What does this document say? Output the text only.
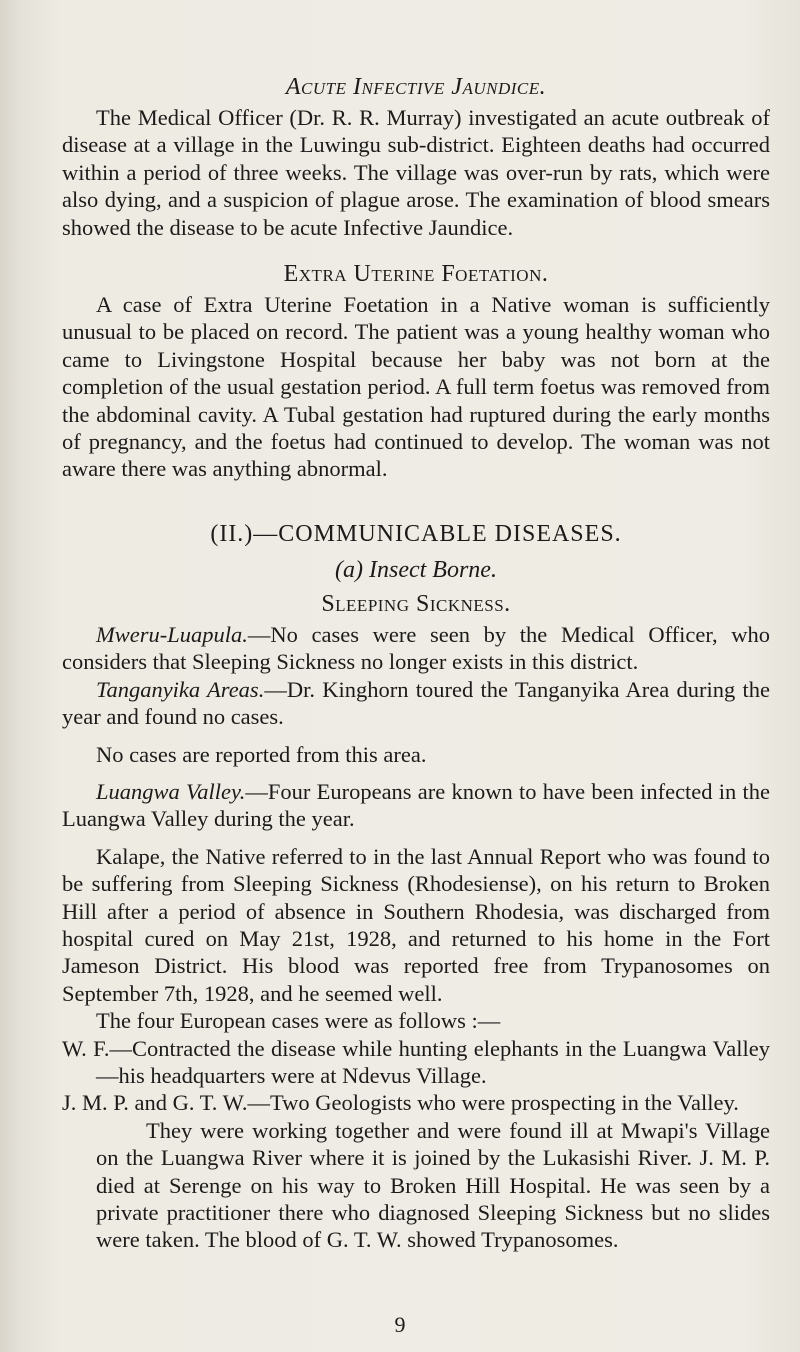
Acute Infective Jaundice.

The Medical Officer (Dr. R. R. Murray) investigated an acute outbreak of disease at a village in the Luwingu sub-district. Eighteen deaths had occurred within a period of three weeks. The village was over-run by rats, which were also dying, and a suspicion of plague arose. The examination of blood smears showed the disease to be acute Infective Jaundice.

Extra Uterine Foetation.

A case of Extra Uterine Foetation in a Native woman is sufficiently unusual to be placed on record. The patient was a young healthy woman who came to Livingstone Hospital because her baby was not born at the completion of the usual gestation period. A full term foetus was removed from the abdominal cavity. A Tubal gestation had ruptured during the early months of pregnancy, and the foetus had continued to develop. The woman was not aware there was anything abnormal.

(II.)—COMMUNICABLE DISEASES.
(a) Insect Borne.
Sleeping Sickness.

Mweru-Luapula.—No cases were seen by the Medical Officer, who considers that Sleeping Sickness no longer exists in this district.

Tanganyika Areas.—Dr. Kinghorn toured the Tanganyika Area during the year and found no cases.

No cases are reported from this area.

Luangwa Valley.—Four Europeans are known to have been infected in the Luangwa Valley during the year.

Kalape, the Native referred to in the last Annual Report who was found to be suffering from Sleeping Sickness (Rhodesiense), on his return to Broken Hill after a period of absence in Southern Rhodesia, was discharged from hospital cured on May 21st, 1928, and returned to his home in the Fort Jameson District. His blood was reported free from Trypanosomes on September 7th, 1928, and he seemed well.

The four European cases were as follows :—

W. F.—Contracted the disease while hunting elephants in the Luangwa Valley—his headquarters were at Ndevus Village.

J. M. P. and G. T. W.—Two Geologists who were prospecting in the Valley.

They were working together and were found ill at Mwapi's Village on the Luangwa River where it is joined by the Lukasishi River. J. M. P. died at Serenge on his way to Broken Hill Hospital. He was seen by a private practitioner there who diagnosed Sleeping Sickness but no slides were taken. The blood of G. T. W. showed Trypanosomes.

9
